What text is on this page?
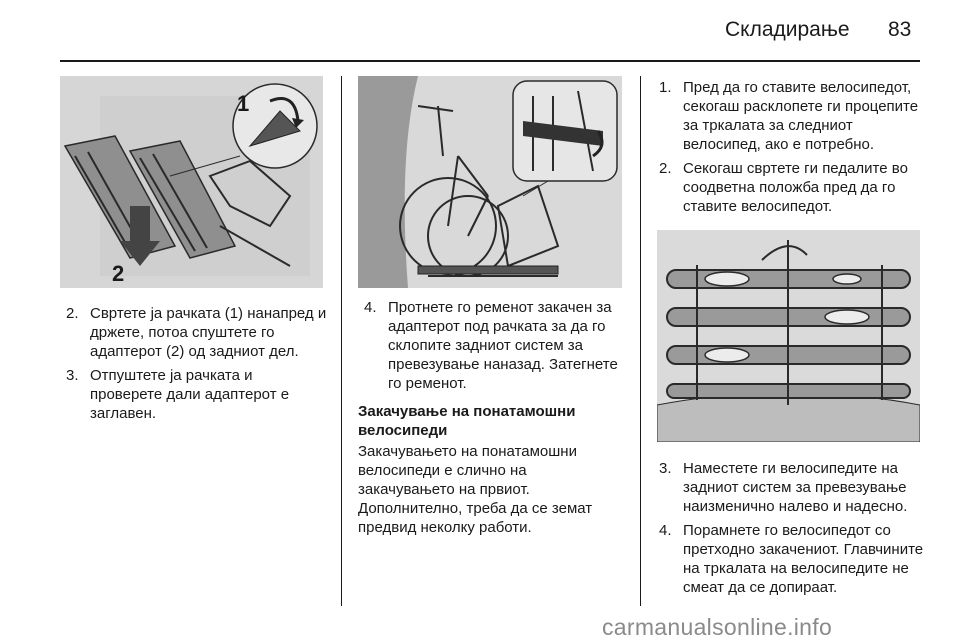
Складирање 83
1
2
2. Свртете ја рачката (1) нанапред и држете, потоа спуштете го адаптерот (2) од задниот дел.
3. Отпуштете ја рачката и проверете дали адаптерот е заглавен.
4. Протнете го ременот закачен за адаптерот под рачката за да го склопите задниот систем за превезување наназад. Затегнете го ременот.

Закачување на понатамошни велосипеди

Закачувањето на понатамошни велосипеди е слично на закачувањето на првиот. Дополнително, треба да се земат предвид неколку работи.

1. Пред да го ставите велосипедот, секогаш расклопете ги процепите за тркалата за следниот велосипед, ако е потребно.
2. Секогаш свртете ги педалите во соодветна положба пред да го ставите велосипедот.
3. Наместете ги велосипедите на задниот систем за превезување наизменично налево и надесно.
4. Порамнете го велосипедот со претходно закачениот. Главчините на тркалата на велосипедите не смеат да се допираат.
carmanualsonline.info
